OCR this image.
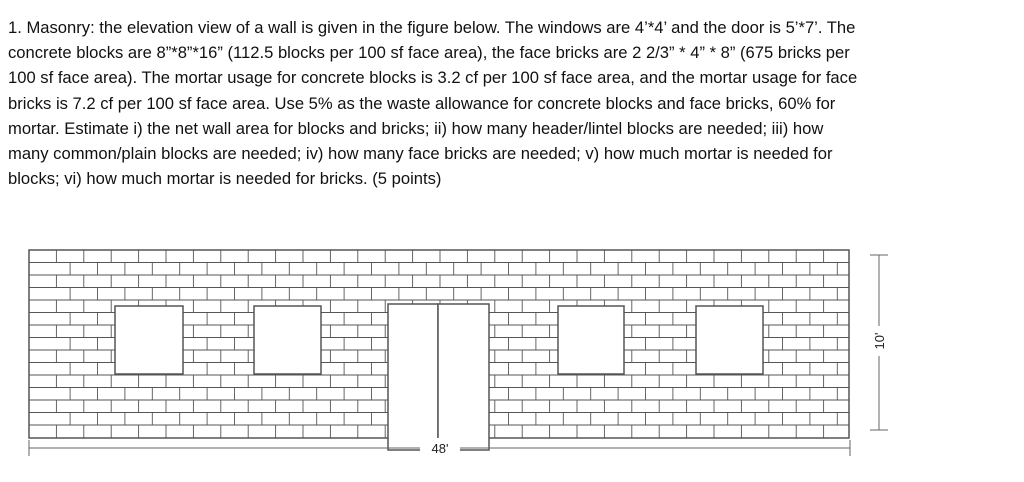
1. Masonry: the elevation view of a wall is given in the figure below. The windows are 4’*4’ and the door is 5’*7’. The
concrete blocks are 8”*8”*16” (112.5 blocks per 100 sf face area), the face bricks are 2 2/3” * 4” * 8” (675 bricks per
100 sf face area). The mortar usage for concrete blocks is 3.2 cf per 100 sf face area, and the mortar usage for face
bricks is 7.2 cf per 100 sf face area. Use 5% as the waste allowance for concrete blocks and face bricks, 60% for
mortar. Estimate i) the net wall area for blocks and bricks; ii) how many header/lintel blocks are needed; iii) how
many common/plain blocks are needed; iv) how many face bricks are needed; v) how much mortar is needed for
blocks; vi) how much mortar is needed for bricks. (5 points)

48'
10'
